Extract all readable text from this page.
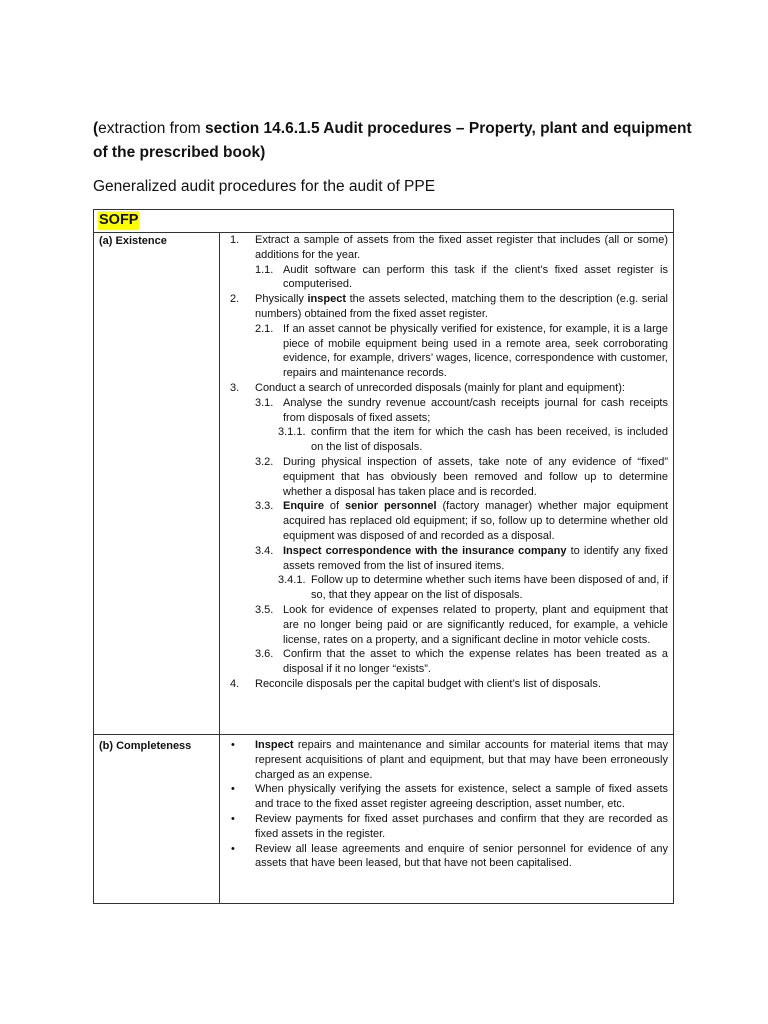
(extraction from section 14.6.1.5 Audit procedures – Property, plant and equipment of the prescribed book)
Generalized audit procedures for the audit of PPE
SOFP
(a) Existence	1. Extract a sample of assets from the fixed asset register that includes (all or some) additions for the year.
1.1. Audit software can perform this task if the client’s fixed asset register is computerised.
2. Physically inspect the assets selected, matching them to the description (e.g. serial numbers) obtained from the fixed asset register.
2.1. If an asset cannot be physically verified for existence, for example, it is a large piece of mobile equipment being used in a remote area, seek corroborating evidence, for example, drivers’ wages, licence, correspondence with customer, repairs and maintenance records.
3. Conduct a search of unrecorded disposals (mainly for plant and equipment):
3.1. Analyse the sundry revenue account/cash receipts journal for cash receipts from disposals of fixed assets;
3.1.1. confirm that the item for which the cash has been received, is included on the list of disposals.
3.2. During physical inspection of assets, take note of any evidence of “fixed” equipment that has obviously been removed and follow up to determine whether a disposal has taken place and is recorded.
3.3. Enquire of senior personnel (factory manager) whether major equipment acquired has replaced old equipment; if so, follow up to determine whether old equipment was disposed of and recorded as a disposal.
3.4. Inspect correspondence with the insurance company to identify any fixed assets removed from the list of insured items.
3.4.1. Follow up to determine whether such items have been disposed of and, if so, that they appear on the list of disposals.
3.5. Look for evidence of expenses related to property, plant and equipment that are no longer being paid or are significantly reduced, for example, a vehicle license, rates on a property, and a significant decline in motor vehicle costs.
3.6. Confirm that the asset to which the expense relates has been treated as a disposal if it no longer “exists”.
4. Reconcile disposals per the capital budget with client’s list of disposals.
(b) Completeness	• Inspect repairs and maintenance and similar accounts for material items that may represent acquisitions of plant and equipment, but that may have been erroneously charged as an expense.
• When physically verifying the assets for existence, select a sample of fixed assets and trace to the fixed asset register agreeing description, asset number, etc.
• Review payments for fixed asset purchases and confirm that they are recorded as fixed assets in the register.
• Review all lease agreements and enquire of senior personnel for evidence of any assets that have been leased, but that have not been capitalised.
